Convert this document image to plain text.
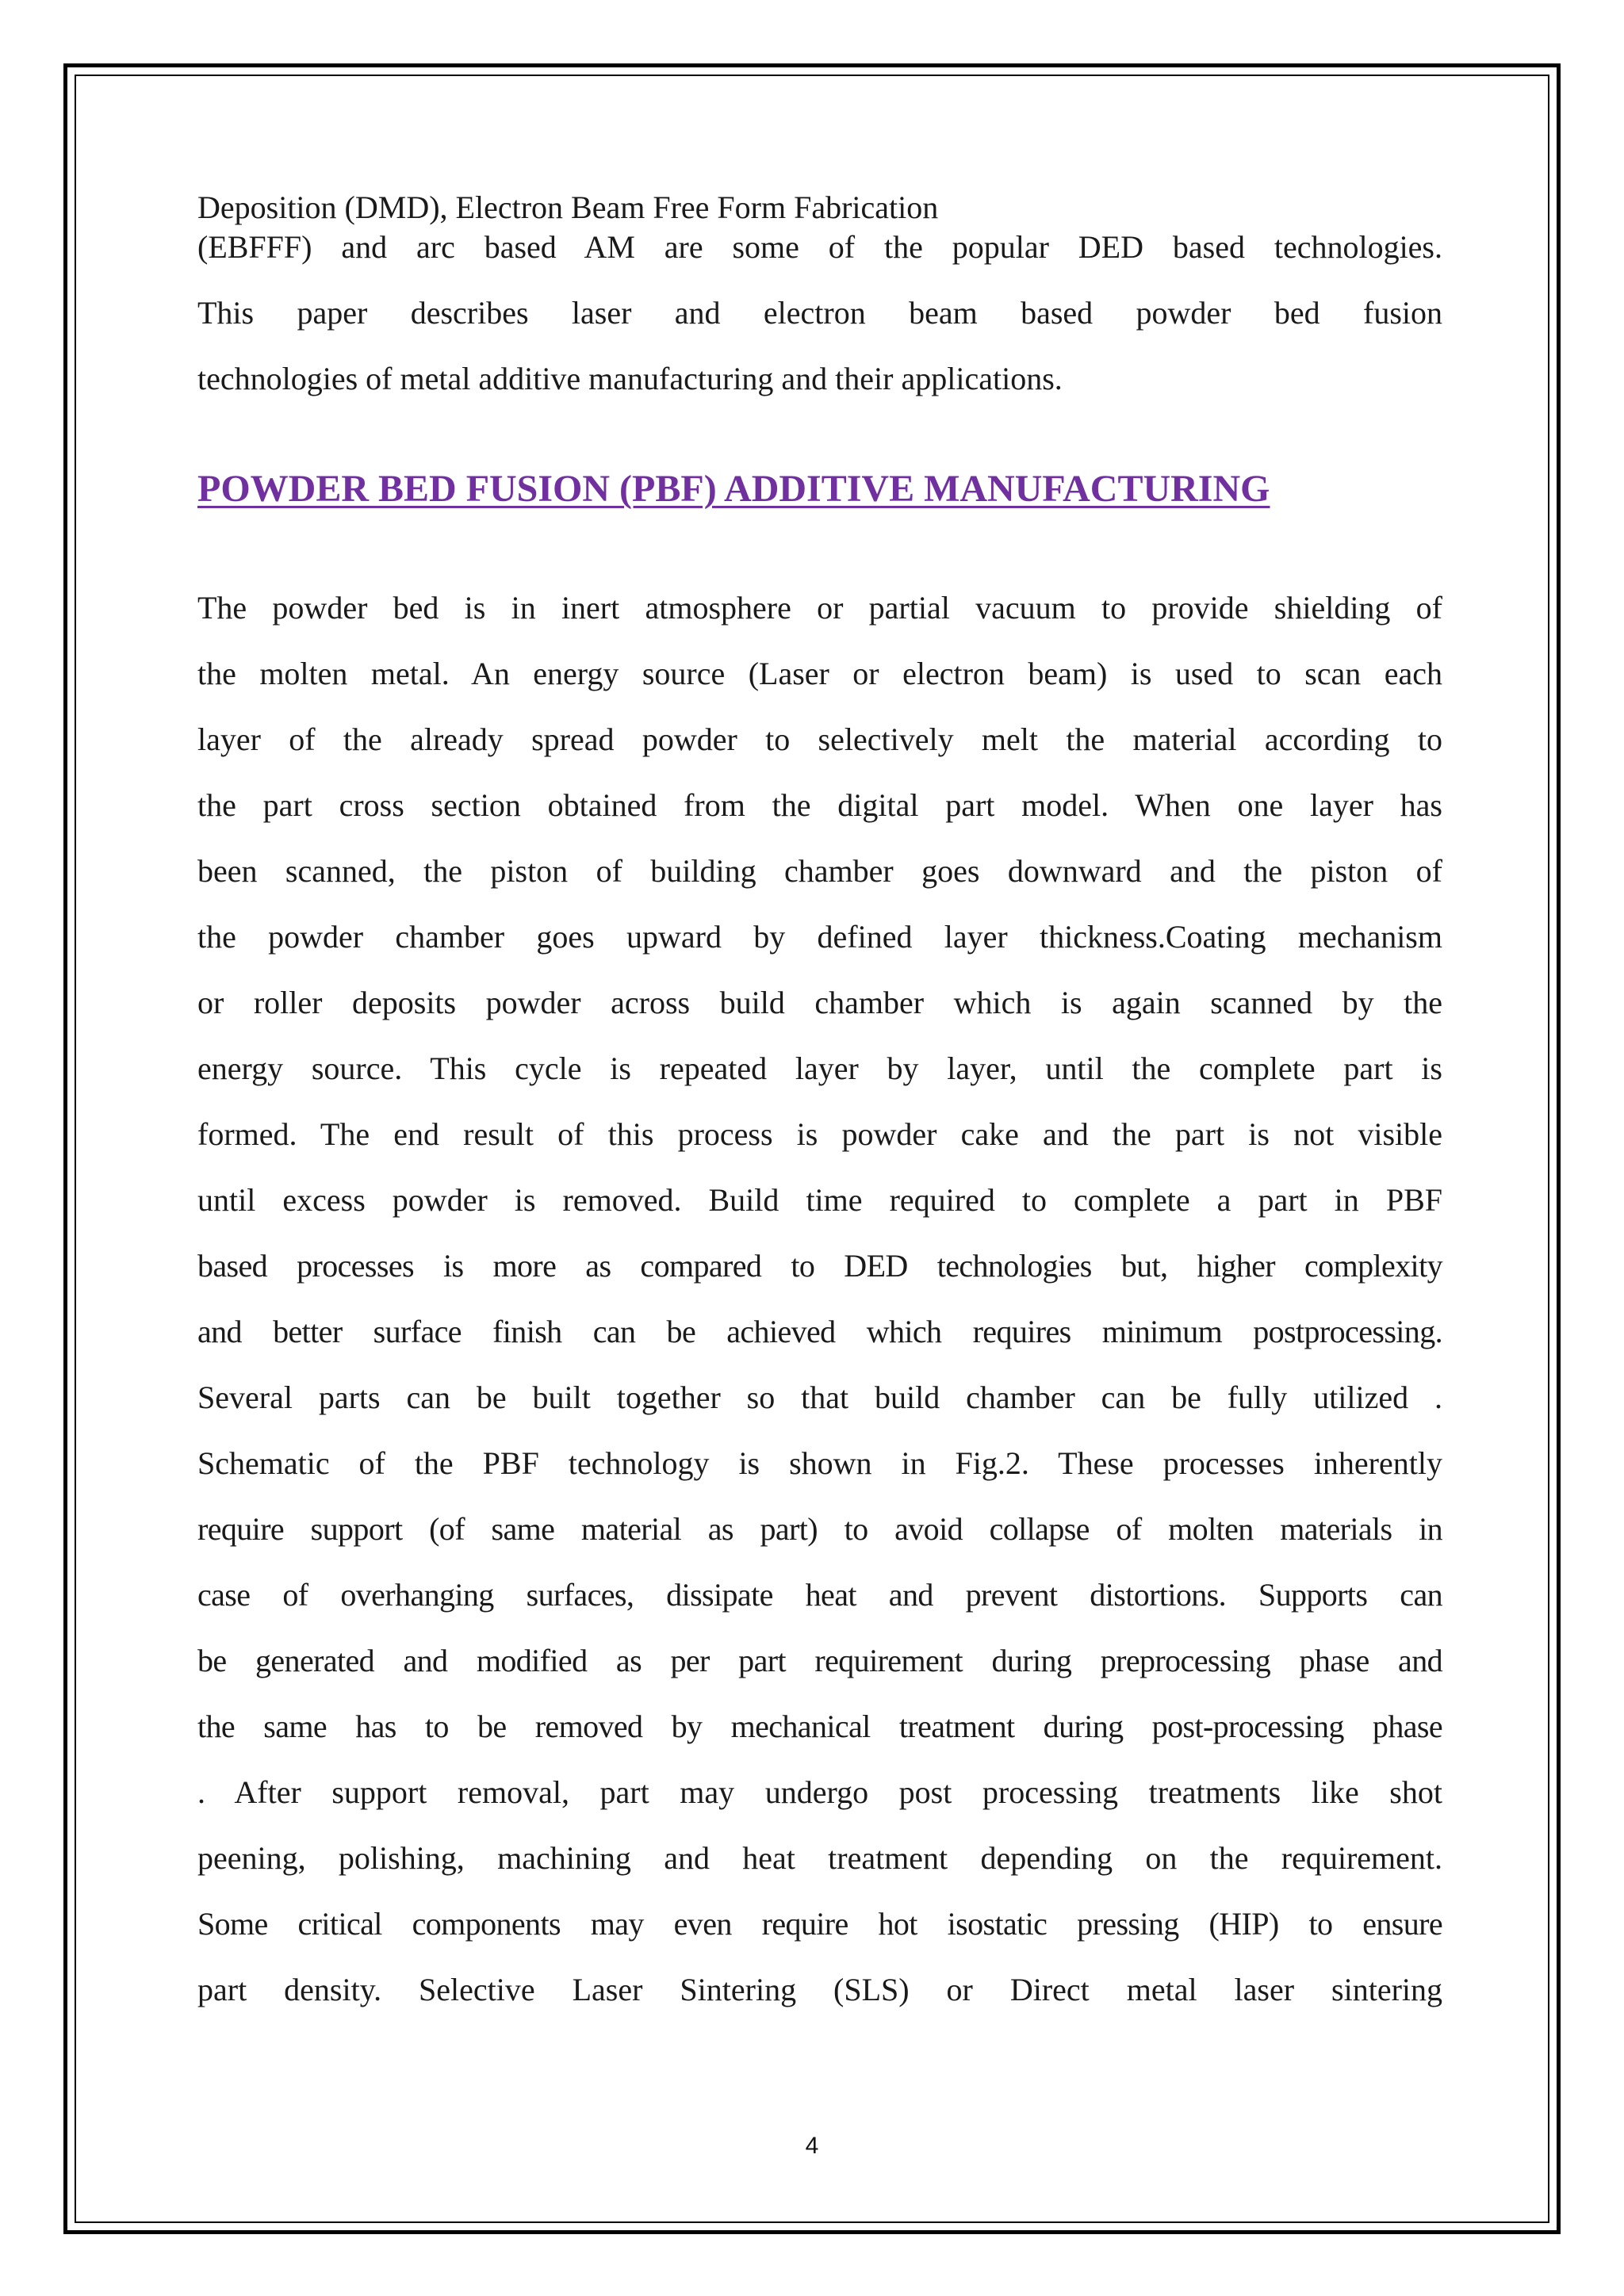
Deposition (DMD), Electron Beam Free Form Fabrication

(EBFFF) and arc based AM are some of the popular DED based technologies.
This paper describes laser and electron beam based powder bed fusion
technologies of metal additive manufacturing and their applications.
POWDER BED FUSION (PBF) ADDITIVE MANUFACTURING
The powder bed is in inert atmosphere or partial vacuum to provide shielding of
the molten metal. An energy source (Laser or electron beam) is used to scan each
layer of the already spread powder to selectively melt the material according to
the part cross section obtained from the digital part model. When one layer has
been scanned, the piston of building chamber goes downward and the piston of
the powder chamber goes upward by defined layer thickness.Coating mechanism
or roller deposits powder across build chamber which is again scanned by the
energy source. This cycle is repeated layer by layer, until the complete part is
formed. The end result of this process is powder cake and the part is not visible
until excess powder is removed. Build time required to complete a part in PBF
based processes is more as compared to DED technologies but, higher complexity
and better surface finish can be achieved which requires minimum postprocessing.
Several parts can be built together so that build chamber can be fully utilized .
Schematic of the PBF technology is shown in Fig.2. These processes inherently
require support (of same material as part) to avoid collapse of molten materials in
case of overhanging surfaces, dissipate heat and prevent distortions. Supports can
be generated and modified as per part requirement during preprocessing phase and
the same has to be removed by mechanical treatment during post-processing phase
. After support removal, part may undergo post processing treatments like shot
peening, polishing, machining and heat treatment depending on the requirement.
Some critical components may even require hot isostatic pressing (HIP) to ensure
part density. Selective Laser Sintering (SLS) or Direct metal laser sintering
4
